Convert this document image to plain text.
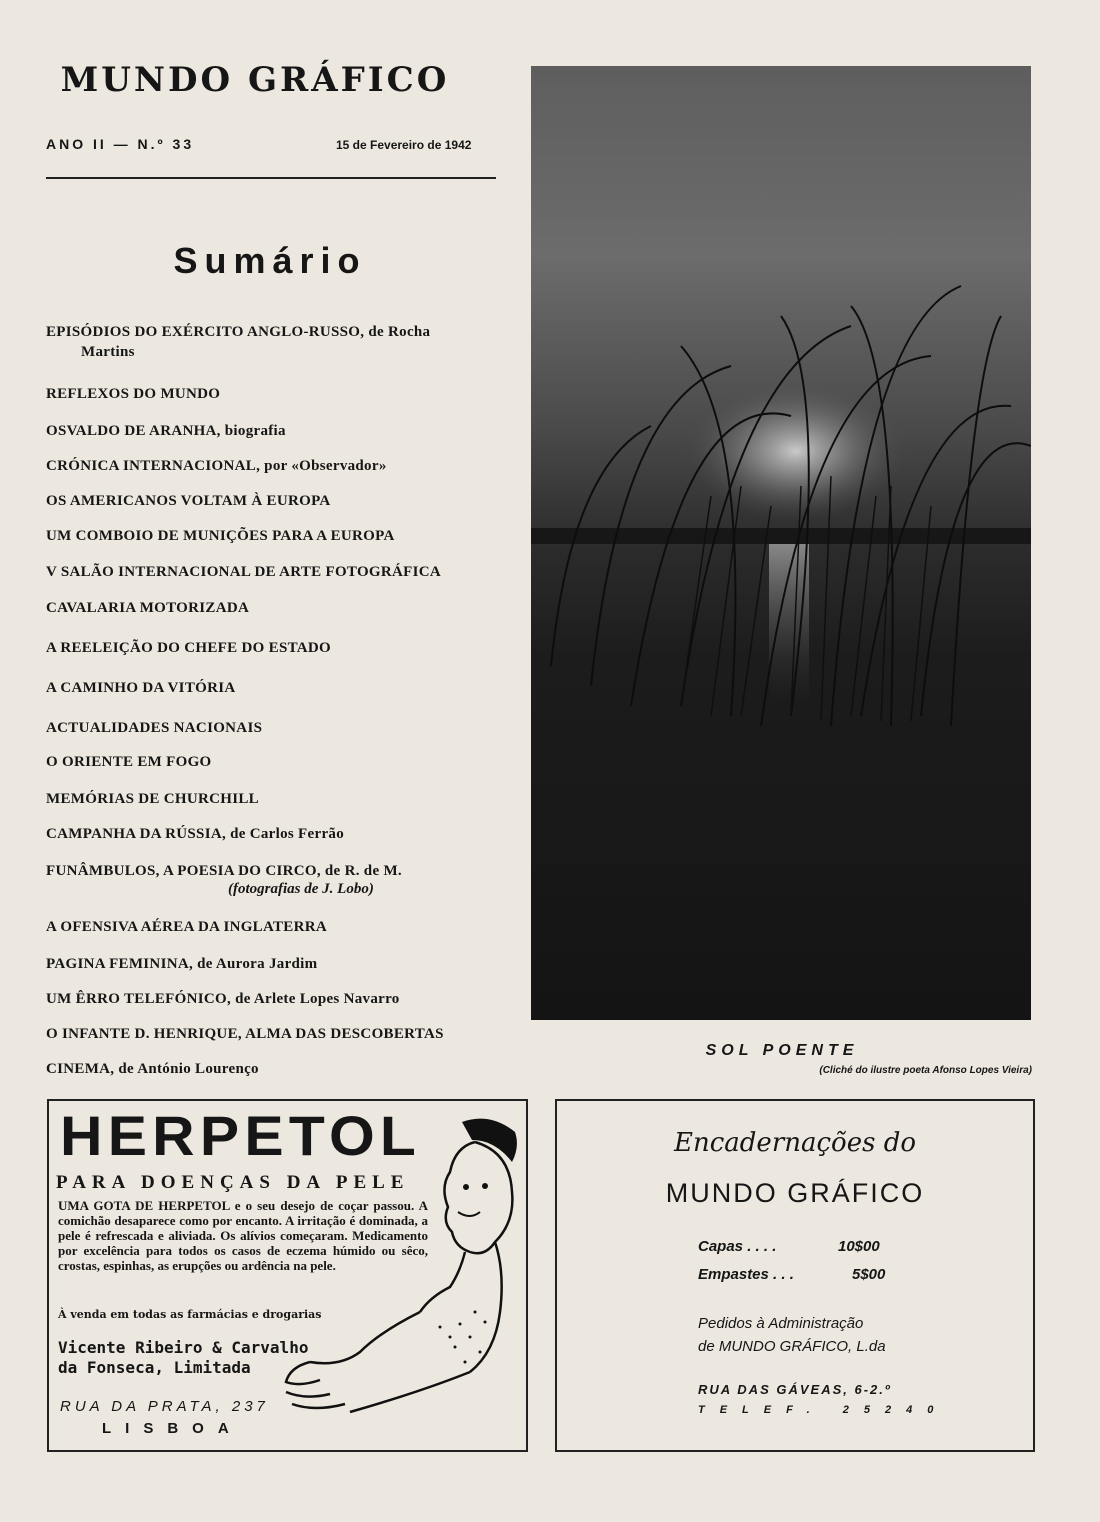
MUNDO GRÁFICO
ANO II — N.º 33	15 de Fevereiro de 1942
Sumário
EPISÓDIOS DO EXÉRCITO ANGLO-RUSSO, de Rocha
Martins
REFLEXOS DO MUNDO
OSVALDO DE ARANHA, biografia
CRÓNICA INTERNACIONAL, por «Observador»
OS AMERICANOS VOLTAM À EUROPA
UM COMBOIO DE MUNIÇÕES PARA A EUROPA
V SALÃO INTERNACIONAL DE ARTE FOTOGRÁFICA
CAVALARIA MOTORIZADA
A REELEIÇÃO DO CHEFE DO ESTADO
A CAMINHO DA VITÓRIA
ACTUALIDADES NACIONAIS
O ORIENTE EM FOGO
MEMÓRIAS DE CHURCHILL
CAMPANHA DA RÚSSIA, de Carlos Ferrão
FUNÂMBULOS, A POESIA DO CIRCO, de R. de M.
(fotografias de J. Lobo)
A OFENSIVA AÉREA DA INGLATERRA
PAGINA FEMININA, de Aurora Jardim
UM ÊRRO TELEFÓNICO, de Arlete Lopes Navarro
O INFANTE D. HENRIQUE, ALMA DAS DESCOBERTAS
CINEMA, de António Lourenço
SOL POENTE
(Cliché do ilustre poeta Afonso Lopes Vieira)
HERPETOL
PARA DOENÇAS DA PELE
UMA GOTA DE HERPETOL e o seu desejo de coçar passou. A comichão desaparece como por encanto. A irritação é dominada, a pele é refrescada e aliviada. Os alívios começaram. Medicamento por excelência para todos os casos de eczema húmido ou sêco, crostas, espinhas, as erupções ou ardência na pele.
À venda em todas as farmácias e drogarias
Vicente Ribeiro & Carvalho
da Fonseca, Limitada
RUA DA PRATA, 237
LISBOA
Encadernações do
MUNDO GRÁFICO
Capas . . . .	10$00
Empastes . . .	5$00
Pedidos à Administração
de MUNDO GRÁFICO, L.da
RUA DAS GÁVEAS, 6-2.º
TELEF. 25240
